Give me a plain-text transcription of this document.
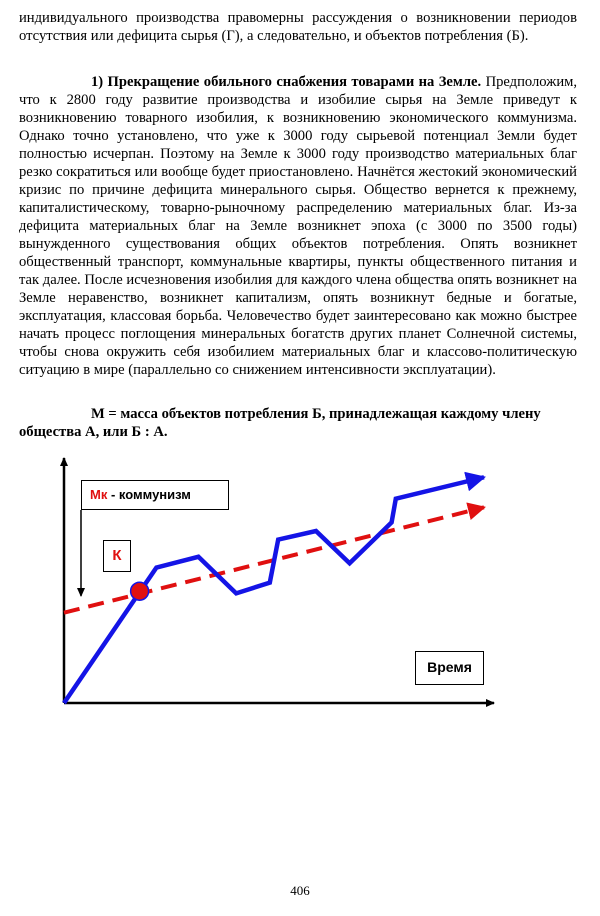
индивидуального производства правомерны рассуждения о возникновении периодов отсутствия или дефицита сырья (Г), а следовательно, и объектов потребления (Б).

1) Прекращение обильного снабжения товарами на Земле. Предположим, что к 2800 году развитие производства и изобилие сырья на Земле приведут к возникновению товарного изобилия, к возникновению экономического коммунизма. Однако точно установлено, что уже к 3000 году сырьевой потенциал Земли будет полностью исчерпан. Поэтому на Земле к 3000 году производство материальных благ резко сократиться или вообще будет приостановлено. Начнётся жестокий экономический кризис по причине дефицита минерального сырья. Общество вернется к прежнему, капиталистическому, товарно-рыночному распределению материальных благ. Из-за дефицита материальных благ на Земле возникнет эпоха (с 3000 по 3500 годы) вынужденного существования общих объектов потребления. Опять возникнет общественный транспорт, коммунальные квартиры, пункты общественного питания и так далее. После исчезновения изобилия для каждого члена общества опять возникнет на Земле неравенство, возникнет капитализм, опять возникнут бедные и богатые, эксплуатация, классовая борьба. Человечество будет заинтересовано как можно быстрее начать процесс поглощения минеральных богатств других планет Солнечной системы, чтобы снова окружить себя изобилием материальных благ и классово-политическую ситуацию в мире (параллельно со снижением интенсивности эксплуатации).

М = масса объектов потребления Б, принадлежащая каждому члену общества А, или Б : А.

Мк - коммунизм
К
Время

406
